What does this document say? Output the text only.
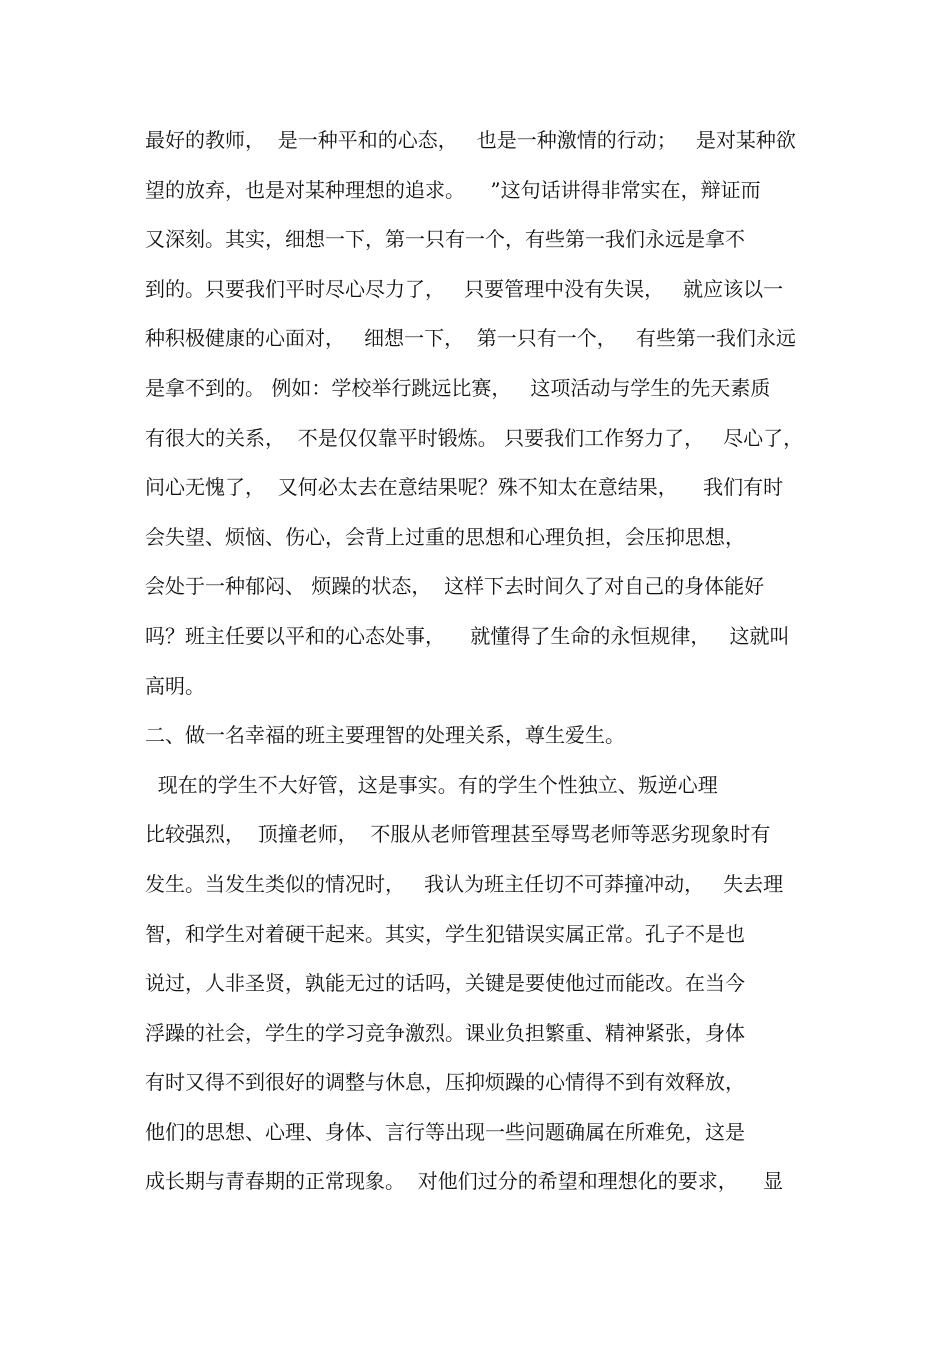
最好的教师，  是一种平和的心态，   也是一种激情的行动；   是对某种欲
望的放弃，也是对某种理想的追求。    ”这句话讲得非常实在，辩证而
又深刻。其实，细想一下，第一只有一个，有些第一我们永远是拿不
到的。只要我们平时尽心尽力了，   只要管理中没有失误，   就应该以一
种积极健康的心面对，   细想一下，  第一只有一个，   有些第一我们永远
是拿不到的。 例如：学校举行跳远比赛，   这项活动与学生的先天素质
有很大的关系，  不是仅仅靠平时锻炼。 只要我们工作努力了，   尽心了，
问心无愧了，  又何必太去在意结果呢？殊不知太在意结果，    我们有时
会失望、烦恼、伤心，会背上过重的思想和心理负担，会压抑思想，
会处于一种郁闷、 烦躁的状态，  这样下去时间久了对自己的身体能好
吗？班主任要以平和的心态处事，    就懂得了生命的永恒规律，   这就叫
高明。
二、做一名幸福的班主要理智的处理关系，尊生爱生。
现在的学生不大好管，这是事实。有的学生个性独立、叛逆心理
比较强烈，  顶撞老师，  不服从老师管理甚至辱骂老师等恶劣现象时有
发生。当发生类似的情况时，   我认为班主任切不可莽撞冲动，   失去理
智，和学生对着硬干起来。其实，学生犯错误实属正常。孔子不是也
说过，人非圣贤，孰能无过的话吗，关键是要使他过而能改。在当今
浮躁的社会，学生的学习竞争激烈。课业负担繁重、精神紧张，身体
有时又得不到很好的调整与休息，压抑烦躁的心情得不到有效释放，
他们的思想、心理、身体、言行等出现一些问题确属在所难免，这是
成长期与青春期的正常现象。  对他们过分的希望和理想化的要求，    显
